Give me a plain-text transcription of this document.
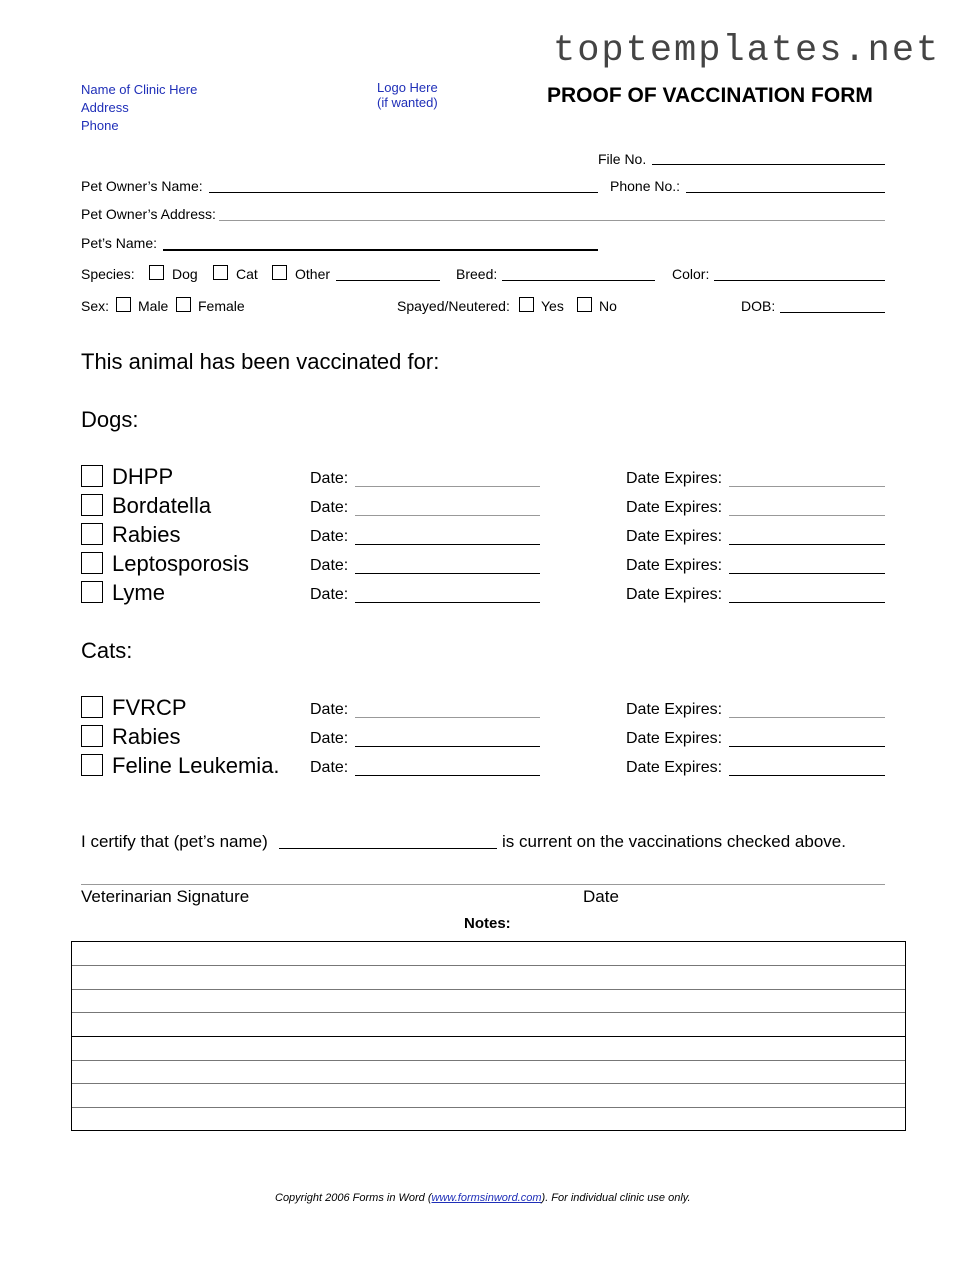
toptemplates.net
Name of Clinic Here
Address
Phone
Logo Here
(if wanted)	PROOF OF VACCINATION FORM
File No.
Pet Owner’s Name:	Phone No.:
Pet Owner’s Address:
Pet’s Name:
Species:	Dog	Cat	Other	Breed:	Color:
Sex: Male Female	Spayed/Neutered: Yes	No	DOB:
This animal has been vaccinated for:
Dogs:
DHPP	Date:	Date Expires:
Bordatella	Date:	Date Expires:
Rabies	Date:	Date Expires:
Leptosporosis	Date:	Date Expires:
Lyme	Date:	Date Expires:
Cats:
FVRCP	Date:	Date Expires:
Rabies	Date:	Date Expires:
Feline Leukemia. Date:	Date Expires:
I certify that (pet’s name)	is current on the vaccinations checked above.
Veterinarian Signature	Date
Notes:
Copyright 2006 Forms in Word (www.formsinword.com). For individual clinic use only.
